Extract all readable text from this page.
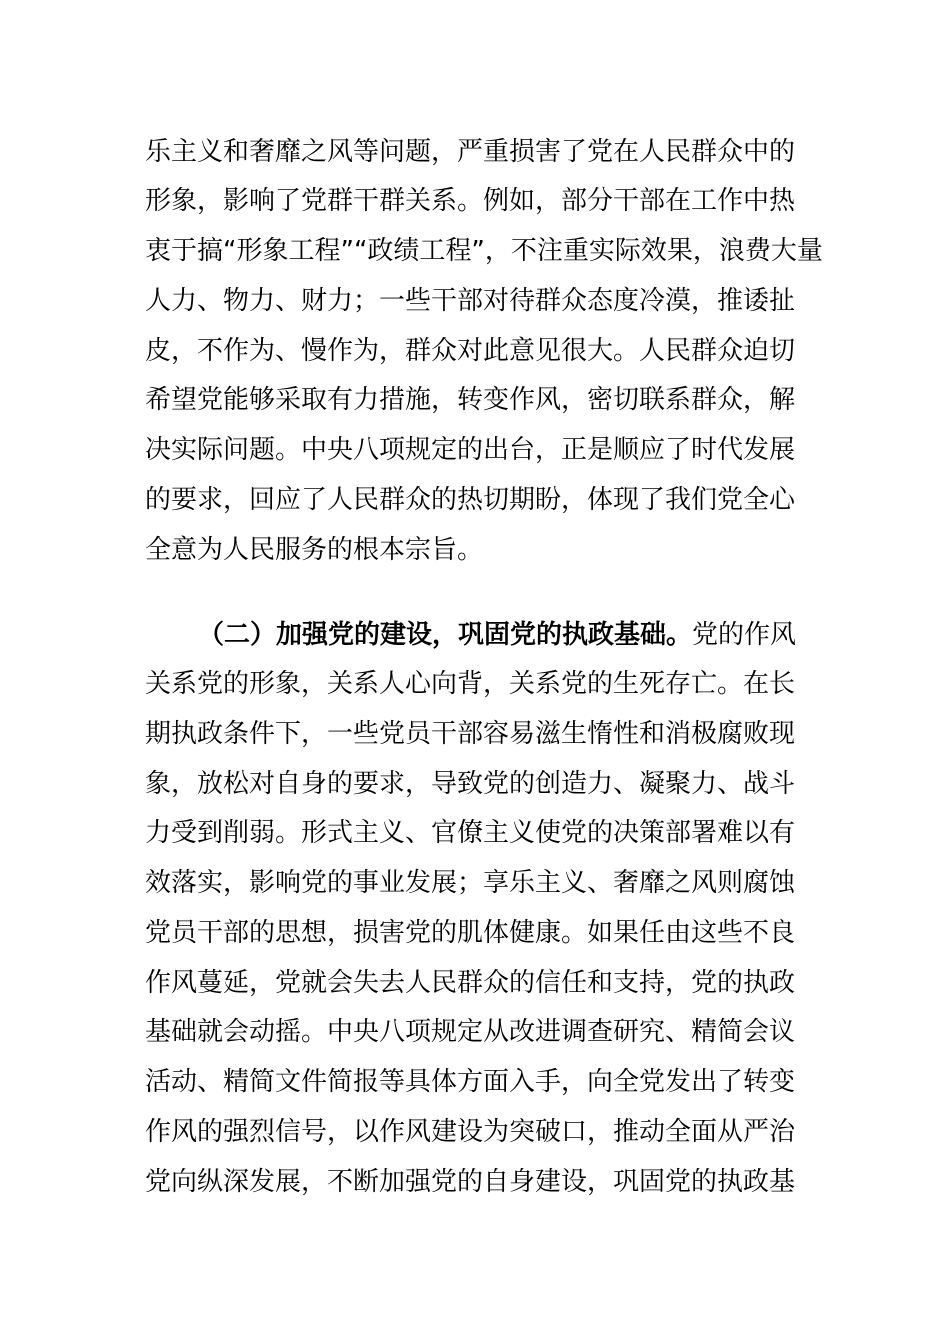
乐主义和奢靡之风等问题，严重损害了党在人民群众中的
形象，影响了党群干群关系。例如，部分干部在工作中热
衷于搞“形象工程”“政绩工程”，不注重实际效果，浪费大量
人力、物力、财力；一些干部对待群众态度冷漠，推诿扯
皮，不作为、慢作为，群众对此意见很大。人民群众迫切
希望党能够采取有力措施，转变作风，密切联系群众，解
决实际问题。中央八项规定的出台，正是顺应了时代发展
的要求，回应了人民群众的热切期盼，体现了我们党全心
全意为人民服务的根本宗旨。
（二）加强党的建设，巩固党的执政基础。党的作风
关系党的形象，关系人心向背，关系党的生死存亡。在长
期执政条件下，一些党员干部容易滋生惰性和消极腐败现
象，放松对自身的要求，导致党的创造力、凝聚力、战斗
力受到削弱。形式主义、官僚主义使党的决策部署难以有
效落实，影响党的事业发展；享乐主义、奢靡之风则腐蚀
党员干部的思想，损害党的肌体健康。如果任由这些不良
作风蔓延，党就会失去人民群众的信任和支持，党的执政
基础就会动摇。中央八项规定从改进调查研究、精简会议
活动、精简文件简报等具体方面入手，向全党发出了转变
作风的强烈信号，以作风建设为突破口，推动全面从严治
党向纵深发展，不断加强党的自身建设，巩固党的执政基
